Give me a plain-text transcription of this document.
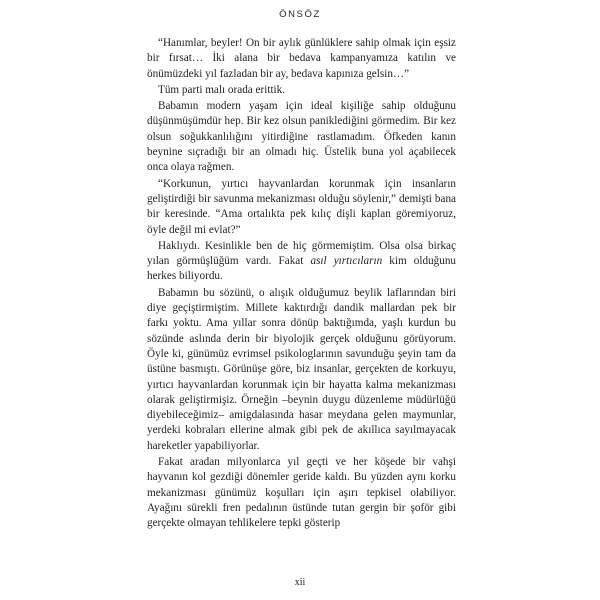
ÖNSÖZ

“Hanımlar, beyler! On bir aylık günlüklere sahip olmak için eşsiz bir fırsat… İki alana bir bedava kampanyamıza katılın ve önümüzdeki yıl fazladan bir ay, bedava kapınıza gelsin…”

Tüm parti malı orada erittik.

Babamın modern yaşam için ideal kişiliğe sahip olduğunu düşünmüşümdür hep. Bir kez olsun paniklediğini görmedim. Bir kez olsun soğukkanlılığını yitirdiğine rastlamadım. Öfkeden kanın beynine sıçradığı bir an olmadı hiç. Üstelik buna yol açabilecek onca olaya rağmen.

“Korkunun, yırtıcı hayvanlardan korunmak için insanların geliştirdiği bir savunma mekanizması olduğu söylenir,” demişti bana bir keresinde. “Ama ortalıkta pek kılıç dişli kaplan göremiyoruz, öyle değil mi evlat?”

Haklıydı. Kesinlikle ben de hiç görmemiştim. Olsa olsa birkaç yılan görmüşlüğüm vardı. Fakat asıl yırtıcıların kim olduğunu herkes biliyordu.

Babamın bu sözünü, o alışık olduğumuz beylik laflarından biri diye geçiştirmiştim. Millete kaktırdığı dandik mallardan pek bir farkı yoktu. Ama yıllar sonra dönüp baktığımda, yaşlı kurdun bu sözünde aslında derin bir biyolojik gerçek olduğunu görüyorum. Öyle ki, günümüz evrimsel psikologlarının savunduğu şeyin tam da üstüne basmıştı. Görünüşe göre, biz insanlar, gerçekten de korkuyu, yırtıcı hayvanlardan korunmak için bir hayatta kalma mekanizması olarak geliştirmişiz. Örneğin –beynin duygu düzenleme müdürlüğü diyebileceğimiz– amigdalasında hasar meydana gelen maymunlar, yerdeki kobraları ellerine almak gibi pek de akıllıca sayılmayacak hareketler yapabiliyorlar.

Fakat aradan milyonlarca yıl geçti ve her köşede bir vahşi hayvanın kol gezdiği dönemler geride kaldı. Bu yüzden aynı korku mekanizması günümüz koşulları için aşırı tepkisel olabiliyor. Ayağını sürekli fren pedalının üstünde tutan gergin bir şoför gibi gerçekte olmayan tehlikelere tepki gösterip

xii
